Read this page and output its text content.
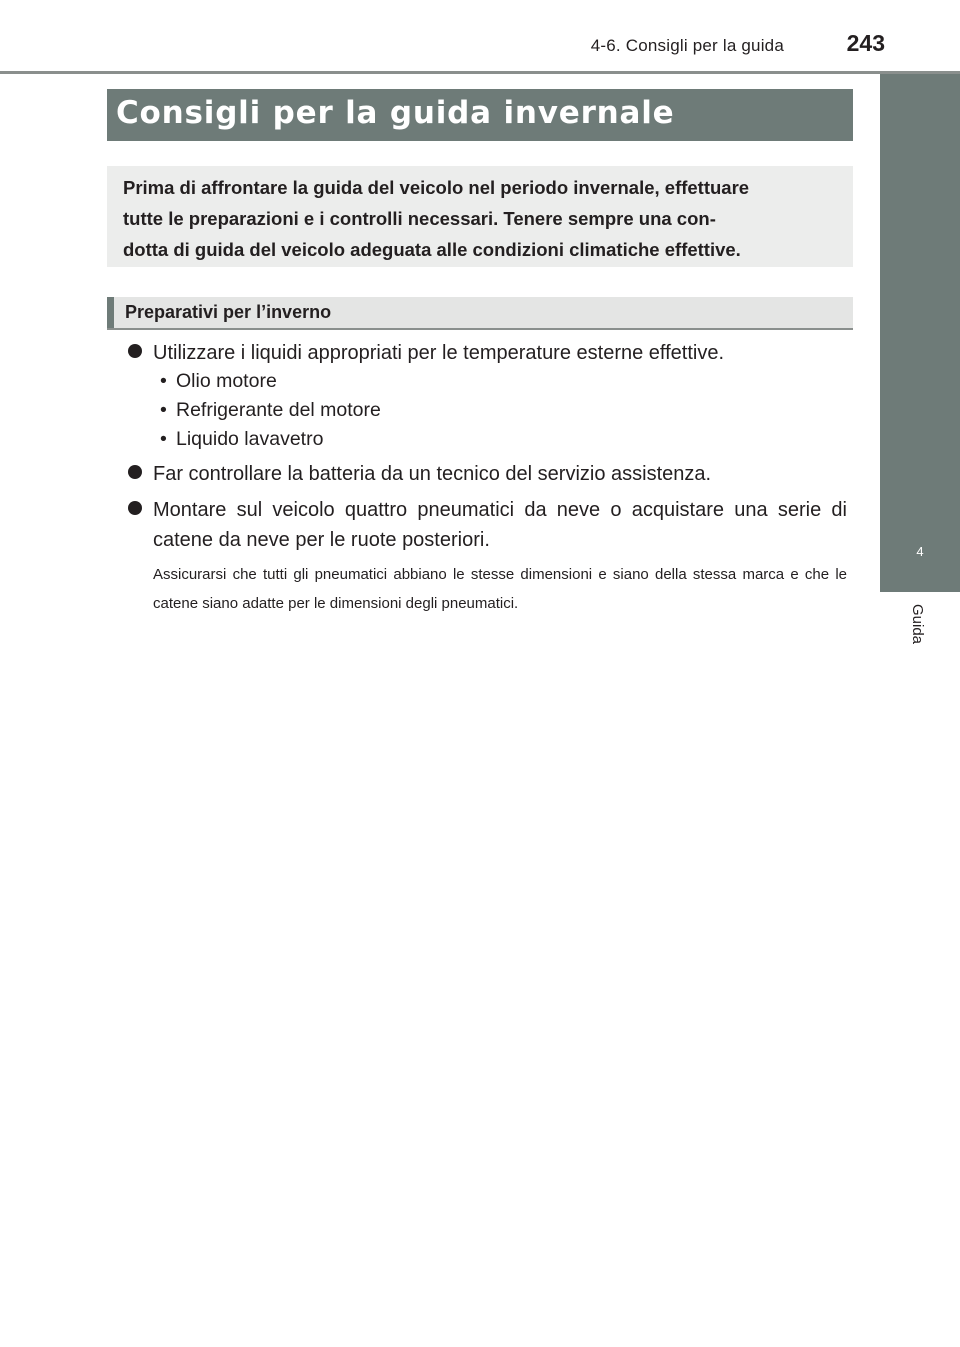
4-6. Consigli per la guida	243
4
Guida
Consigli per la guida invernale
Prima di affrontare la guida del veicolo nel periodo invernale, effettuare
tutte le preparazioni e i controlli necessari. Tenere sempre una con-
dotta di guida del veicolo adeguata alle condizioni climatiche effettive.
Preparativi per l’inverno
Utilizzare i liquidi appropriati per le temperature esterne effettive.
• Olio motore
• Refrigerante del motore
• Liquido lavavetro
Far controllare la batteria da un tecnico del servizio assistenza.
Montare sul veicolo quattro pneumatici da neve o acquistare una serie di catene da neve per le ruote posteriori.
Assicurarsi che tutti gli pneumatici abbiano le stesse dimensioni e siano della stessa marca e che le catene siano adatte per le dimensioni degli pneumatici.
